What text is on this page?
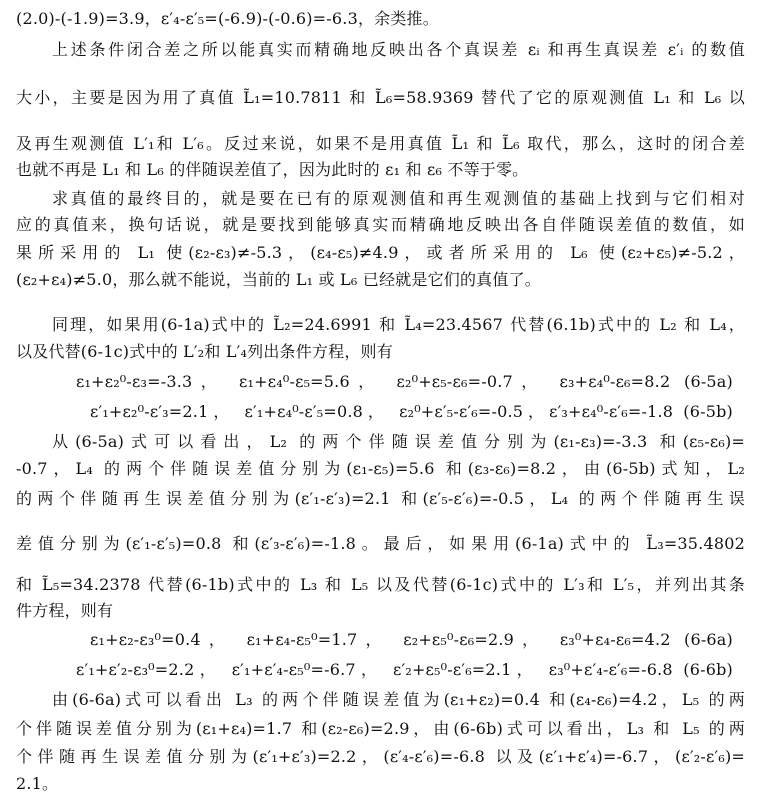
(2.0)-(-1.9)=3.9，ε′₄-ε′₅=(-6.9)-(-0.6)=-6.3，余类推。
上述条件闭合差之所以能真实而精确地反映出各个真误差 εᵢ 和再生真误差 ε′ᵢ 的数值
大小，主要是因为用了真值 L̃₁=10.7811 和 L̃₆=58.9369 替代了它的原观测值 L₁ 和 L₆ 以
及再生观测值 L′₁和 L′₆。反过来说，如果不是用真值 L̃₁ 和 L̃₆ 取代，那么，这时的闭合差
也就不再是 L₁ 和 L₆ 的伴随误差值了，因为此时的 ε₁ 和 ε₆ 不等于零。
求真值的最终目的，就是要在已有的原观测值和再生观测值的基础上找到与它们相对
应的真值来，换句话说，就是要找到能够真实而精确地反映出各自伴随误差值的数值，如
果所采用的 L₁ 使(ε₂-ε₃)≠-5.3，(ε₄-ε₅)≠4.9，或者所采用的 L₆ 使(ε₂+ε₅)≠-5.2，
(ε₂+ε₄)≠5.0，那么就不能说，当前的 L₁ 或 L₆ 已经就是它们的真值了。
同理，如果用(6-1a)式中的 L̃₂=24.6991 和 L̃₄=23.4567 代替(6.1b)式中的 L₂ 和 L₄，
以及代替(6-1c)式中的 L′₂和 L′₄列出条件方程，则有
ε₁+ε₂⁰-ε₃=-3.3， ε₁+ε₄⁰-ε₅=5.6， ε₂⁰+ε₅-ε₆=-0.7， ε₃+ε₄⁰-ε₆=8.2 (6-5a)
ε′₁+ε₂⁰-ε′₃=2.1， ε′₁+ε₄⁰-ε′₅=0.8， ε₂⁰+ε′₅-ε′₆=-0.5，ε′₃+ε₄⁰-ε′₆=-1.8 (6-5b)
从(6-5a)式可以看出，L₂ 的两个伴随误差值分别为(ε₁-ε₃)=-3.3 和(ε₅-ε₆)=
-0.7，L₄ 的两个伴随误差值分别为(ε₁-ε₅)=5.6 和(ε₃-ε₆)=8.2，由(6-5b)式知，L₂
的两个伴随再生误差值分别为(ε′₁-ε′₃)=2.1 和(ε′₅-ε′₆)=-0.5，L₄ 的两个伴随再生误
差值分别为(ε′₁-ε′₅)=0.8 和(ε′₃-ε′₆)=-1.8。最后，如果用(6-1a)式中的 L̃₃=35.4802
和 L̃₅=34.2378 代替(6-1b)式中的 L₃ 和 L₅ 以及代替(6-1c)式中的 L′₃和 L′₅，并列出其条
件方程，则有
ε₁+ε₂-ε₃⁰=0.4， ε₁+ε₄-ε₅⁰=1.7， ε₂+ε₅⁰-ε₆=2.9， ε₃⁰+ε₄-ε₆=4.2 (6-6a)
ε′₁+ε′₂-ε₃⁰=2.2， ε′₁+ε′₄-ε₅⁰=-6.7， ε′₂+ε₅⁰-ε′₆=2.1， ε₃⁰+ε′₄-ε′₆=-6.8 (6-6b)
由(6-6a)式可以看出 L₃ 的两个伴随误差值为(ε₁+ε₂)=0.4 和(ε₄-ε₆)=4.2，L₅ 的两
个伴随误差值分别为(ε₁+ε₄)=1.7 和(ε₂-ε₆)=2.9，由(6-6b)式可以看出，L₃ 和 L₅ 的两
个伴随再生误差值分别为(ε′₁+ε′₃)=2.2，(ε′₄-ε′₆)=-6.8 以及(ε′₁+ε′₄)=-6.7，(ε′₂-ε′₆)=
2.1。
